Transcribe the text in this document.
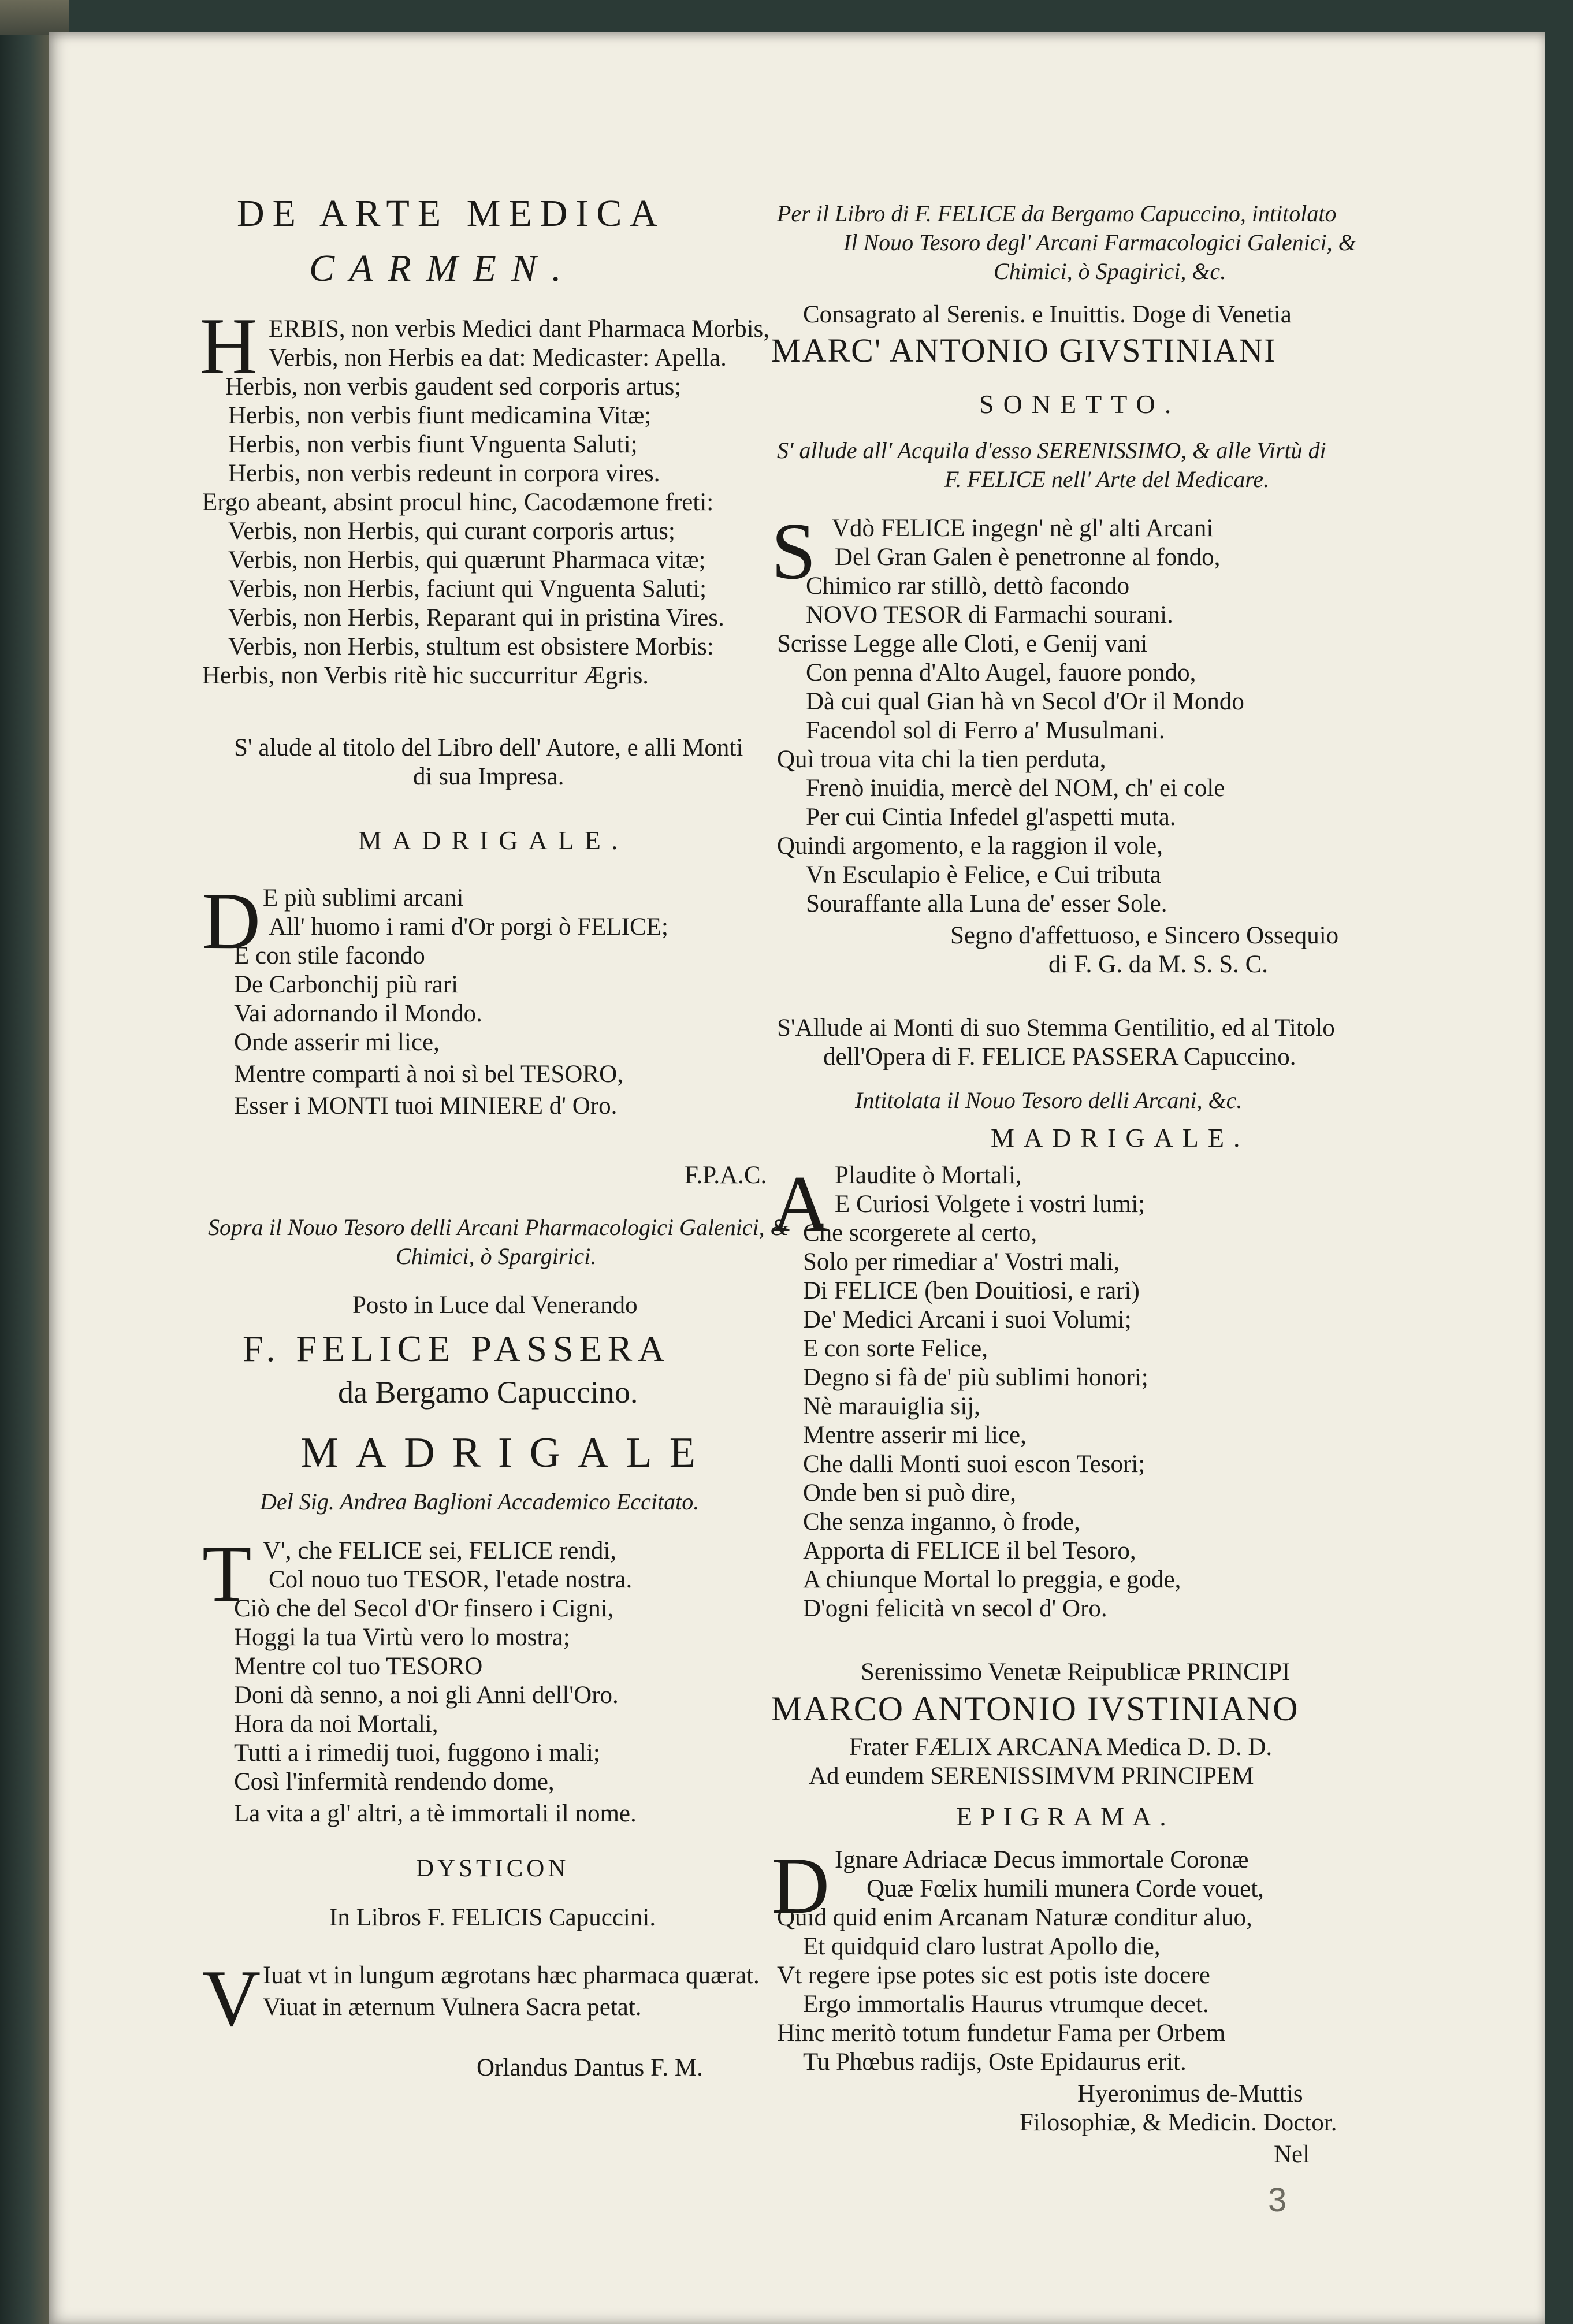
DE ARTE MEDICA
CARMEN.
H ERBIS, non verbis Medici dant Pharmaca Morbis,
Verbis, non Herbis ea dat: Medicaster: Apella.
Herbis, non verbis gaudent sed corporis artus;
Herbis, non verbis fiunt medicamina Vitæ;
Herbis, non verbis fiunt Vnguenta Saluti;
Herbis, non verbis redeunt in corpora vires.
Ergo abeant, absint procul hinc, Cacodæmone freti:
Verbis, non Herbis, qui curant corporis artus;
Verbis, non Herbis, qui quærunt Pharmaca vitæ;
Verbis, non Herbis, faciunt qui Vnguenta Saluti;
Verbis, non Herbis, Reparant qui in pristina Vires.
Verbis, non Herbis, stultum est obsistere Morbis:
Herbis, non Verbis ritè hic succurritur Ægris.
S' alude al titolo del Libro dell' Autore, e alli Monti
di sua Impresa.
MADRIGALE.
D E più sublimi arcani
All' huomo i rami d'Or porgi ò FELICE;
E con stile facondo
De Carbonchij più rari
Vai adornando il Mondo.
Onde asserir mi lice,
Mentre comparti à noi sì bel TESORO,
Esser i MONTI tuoi MINIERE d' Oro.
F.P.A.C.
Sopra il Nouo Tesoro delli Arcani Pharmacologici Galenici, &
Chimici, ò Spargirici.
Posto in Luce dal Venerando
F. FELICE PASSERA
da Bergamo Capuccino.
MADRIGALE
Del Sig. Andrea Baglioni Accademico Eccitato.
T V', che FELICE sei, FELICE rendi,
Col nouo tuo TESOR, l'etade nostra.
Ciò che del Secol d'Or finsero i Cigni,
Hoggi la tua Virtù vero lo mostra;
Mentre col tuo TESORO
Doni dà senno, a noi gli Anni dell'Oro.
Hora da noi Mortali,
Tutti a i rimedij tuoi, fuggono i mali;
Così l'infermità rendendo dome,
La vita a gl' altri, a tè immortali il nome.
DYSTICON
In Libros F. FELICIS Capuccini.
V Iuat vt in lungum ægrotans hæc pharmaca quærat.
Viuat in æternum Vulnera Sacra petat.
Orlandus Dantus F. M.
Per il Libro di F. FELICE da Bergamo Capuccino, intitolato
Il Nouo Tesoro degl' Arcani Farmacologici Galenici, &
Chimici, ò Spagirici, &c.
Consagrato al Serenis. e Inuittis. Doge di Venetia
MARC' ANTONIO GIVSTINIANI
SONETTO.
S' allude all' Acquila d'esso SERENISSIMO, & alle Virtù di
F. FELICE nell' Arte del Medicare.
S Vdò FELICE ingegn' nè gl' alti Arcani
Del Gran Galen è penetronne al fondo,
Chimico rar stillò, dettò facondo
NOVO TESOR di Farmachi sourani.
Scrisse Legge alle Cloti, e Genij vani
Con penna d'Alto Augel, fauore pondo,
Dà cui qual Gian hà vn Secol d'Or il Mondo
Facendol sol di Ferro a' Musulmani.
Quì troua vita chi la tien perduta,
Frenò inuidia, mercè del NOM, ch' ei cole
Per cui Cintia Infedel gl'aspetti muta.
Quindi argomento, e la raggion il vole,
Vn Esculapio è Felice, e Cui tributa
Souraffante alla Luna de' esser Sole.
Segno d'affettuoso, e Sincero Ossequio
di F. G. da M. S. S. C.
S'Allude ai Monti di suo Stemma Gentilitio, ed al Titolo
dell'Opera di F. FELICE PASSERA Capuccino.
Intitolata il Nouo Tesoro delli Arcani, &c.
MADRIGALE.
A Plaudite ò Mortali,
E Curiosi Volgete i vostri lumi;
Che scorgerete al certo,
Solo per rimediar a' Vostri mali,
Di FELICE (ben Douitiosi, e rari)
De' Medici Arcani i suoi Volumi;
E con sorte Felice,
Degno si fà de' più sublimi honori;
Nè marauiglia sij,
Mentre asserir mi lice,
Che dalli Monti suoi escon Tesori;
Onde ben si può dire,
Che senza inganno, ò frode,
Apporta di FELICE il bel Tesoro,
A chiunque Mortal lo preggia, e gode,
D'ogni felicità vn secol d' Oro.
Serenissimo Venetæ Reipublicæ PRINCIPI
MARCO ANTONIO IVSTINIANO
Frater FÆLIX ARCANA Medica D. D. D.
Ad eundem SERENISSIMVM PRINCIPEM
EPIGRAMA.
D Ignare Adriacæ Decus immortale Coronæ
Quæ Fœlix humili munera Corde vouet,
Quid quid enim Arcanam Naturæ conditur aluo,
Et quidquid claro lustrat Apollo die,
Vt regere ipse potes sic est potis iste docere
Ergo immortalis Haurus vtrumque decet.
Hinc meritò totum fundetur Fama per Orbem
Tu Phœbus radijs, Oste Epidaurus erit.
Hyeronimus de-Muttis
Filosophiæ, & Medicin. Doctor.
Nel
3
